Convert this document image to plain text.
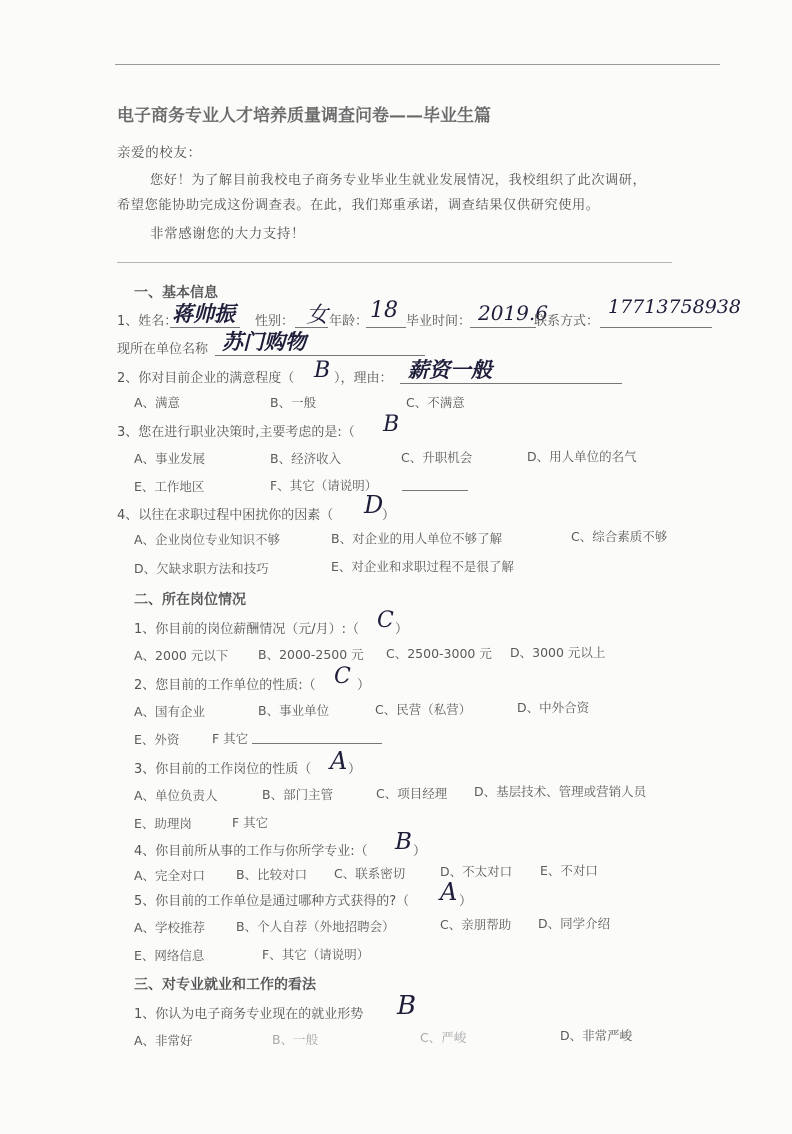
电子商务专业人才培养质量调查问卷——毕业生篇
亲爱的校友：
您好！为了解目前我校电子商务专业毕业生就业发展情况，我校组织了此次调研，
希望您能协助完成这份调查表。在此，我们郑重承诺，调查结果仅供研究使用。
非常感谢您的大力支持！
一、基本信息
1、姓名：
蒋帅振 性别： 女 年龄： 18 毕业时间： 2019.6
联系方式：
17713758938
现所在单位名称 苏门购物
2、你对目前企业的满意程度（ B ），理由： 薪资一般
A、满意	B、一般	C、不满意
3、您在进行职业决策时,主要考虑的是:（ B
A、事业发展	B、经济收入	C、升职机会	D、用人单位的名气
E、工作地区	F、其它（请说明）
4、以往在求职过程中困扰你的因素（ D
）
A、企业岗位专业知识不够	B、对企业的用人单位不够了解	C、综合素质不够
D、欠缺求职方法和技巧	E、对企业和求职过程不是很了解
二、所在岗位情况
1、你目前的岗位薪酬情况（元/月）:（ C ）
A、2000 元以下 B、2000-2500 元 C、2500-3000 元 D、3000 元以上
2、您目前的工作单位的性质:（ C ）
A、国有企业	B、事业单位	C、民营（私营）	D、中外合资
E、外资	F 其它
3、你目前的工作岗位的性质（ A ）
A、单位负责人	B、部门主管	C、项目经理 D、基层技术、管理或营销人员
E、助理岗	F 其它
4、你目前所从事的工作与你所学专业:（ B ）
A、完全对口 B、比较对口 C、联系密切	D、不太对口 E、不对口
5、你目前的工作单位是通过哪种方式获得的?（ A ）
A、学校推荐 B、个人自荐（外地招聘会）	C、亲朋帮助 D、同学介绍
E、网络信息	F、其它（请说明）
三、对专业就业和工作的看法
1、你认为电子商务专业现在的就业形势 B
A、非常好	B、一般	C、严峻	D、非常严峻
